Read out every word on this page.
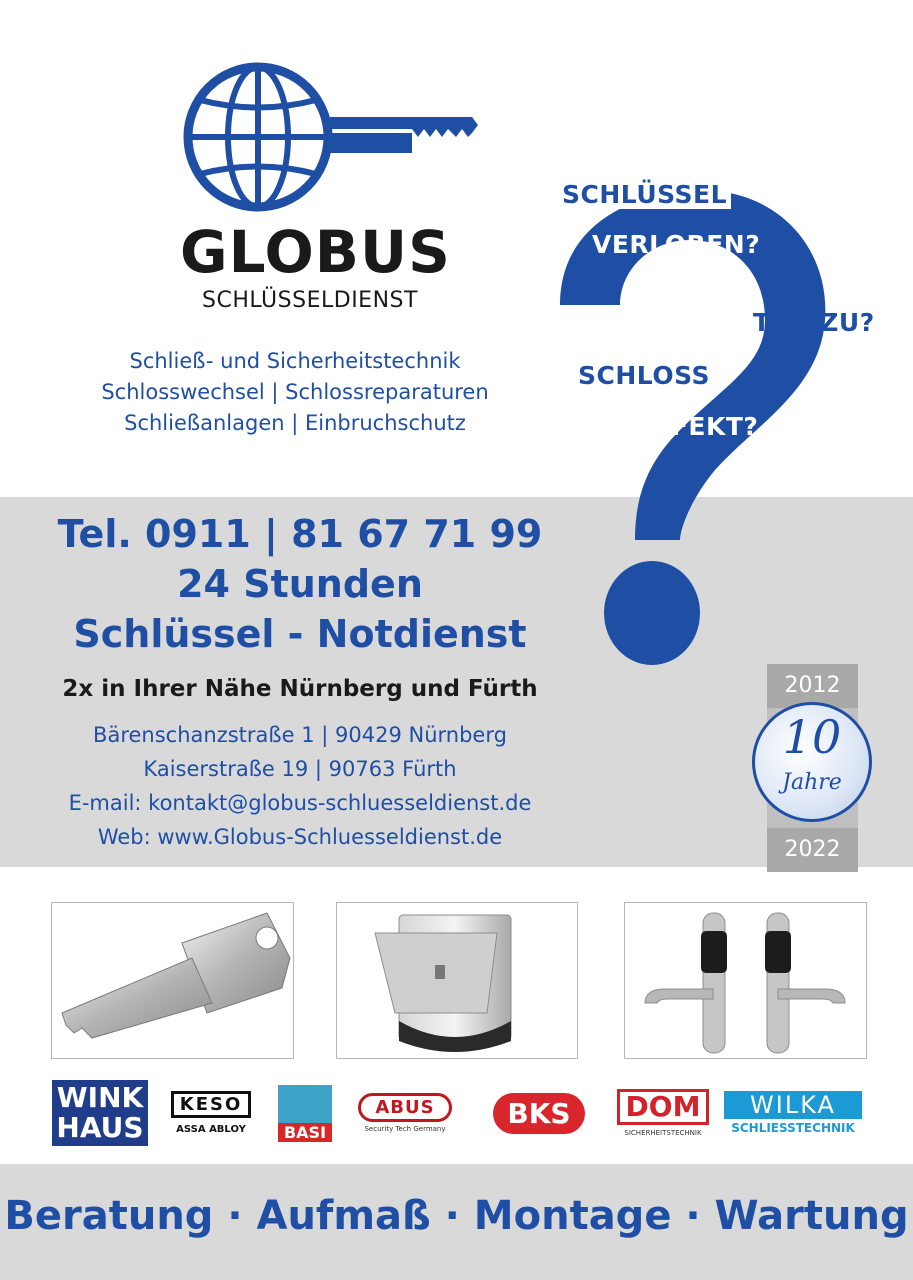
GLOBUS
SCHLÜSSELDIENST
Schließ- und Sicherheitstechnik
Schlosswechsel | Schlossreparaturen
Schließanlagen | Einbruchschutz
SCHLÜSSEL
VERLOREN?
TÜR ZU?
SCHLOSS
DEFEKT?
Tel. 0911 | 81 67 71 99
24 Stunden
Schlüssel - Notdienst
2x in Ihrer Nähe Nürnberg und Fürth
Bärenschanzstraße 1 | 90429 Nürnberg
Kaiserstraße 19 | 90763 Fürth
E-mail: kontakt@globus-schluesseldienst.de
Web: www.Globus-Schluesseldienst.de
2012
2022
10
Jahre
WINK
HAUS
KESO
ASSA ABLOY	BASI
ABUS
Security Tech Germany	BKS	DOM
SICHERHEITSTECHNIK
WILKA
SCHLIESSTECHNIK
Beratung · Aufmaß · Montage · Wartung
